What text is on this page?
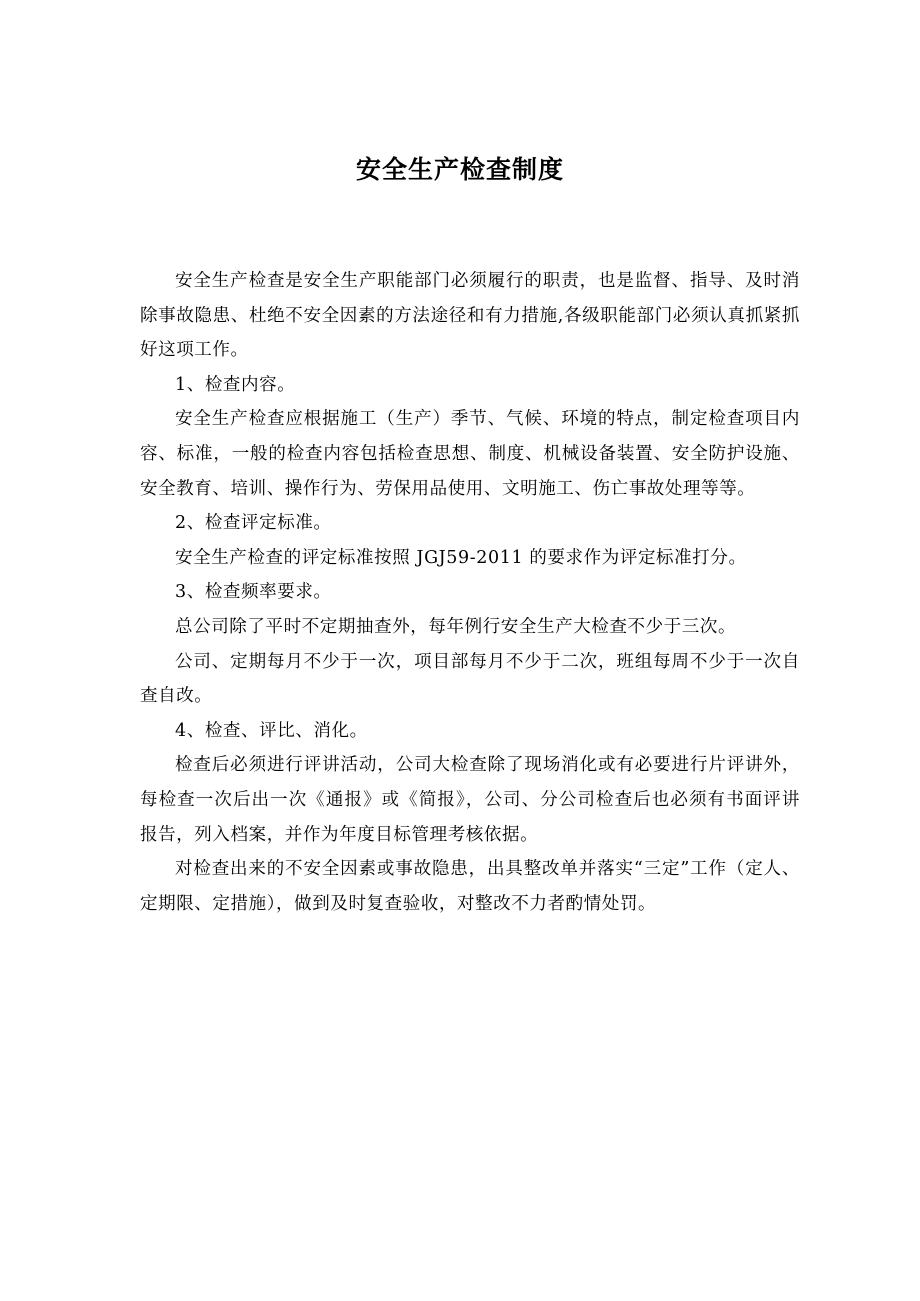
安全生产检查制度

安全生产检查是安全生产职能部门必须履行的职责，也是监督、指导、及时消除事故隐患、杜绝不安全因素的方法途径和有力措施,各级职能部门必须认真抓紧抓好这项工作。

1、检查内容。

安全生产检查应根据施工（生产）季节、气候、环境的特点，制定检查项目内容、标准，一般的检查内容包括检查思想、制度、机械设备装置、安全防护设施、安全教育、培训、操作行为、劳保用品使用、文明施工、伤亡事故处理等等。

2、检查评定标准。

安全生产检查的评定标准按照 JGJ59-2011 的要求作为评定标准打分。

3、检查频率要求。

总公司除了平时不定期抽查外，每年例行安全生产大检查不少于三次。

公司、定期每月不少于一次，项目部每月不少于二次，班组每周不少于一次自查自改。

4、检查、评比、消化。

检查后必须进行评讲活动，公司大检查除了现场消化或有必要进行片评讲外，每检查一次后出一次《通报》或《简报》，公司、分公司检查后也必须有书面评讲报告，列入档案，并作为年度目标管理考核依据。

对检查出来的不安全因素或事故隐患，出具整改单并落实“三定”工作（定人、定期限、定措施），做到及时复查验收，对整改不力者酌情处罚。
